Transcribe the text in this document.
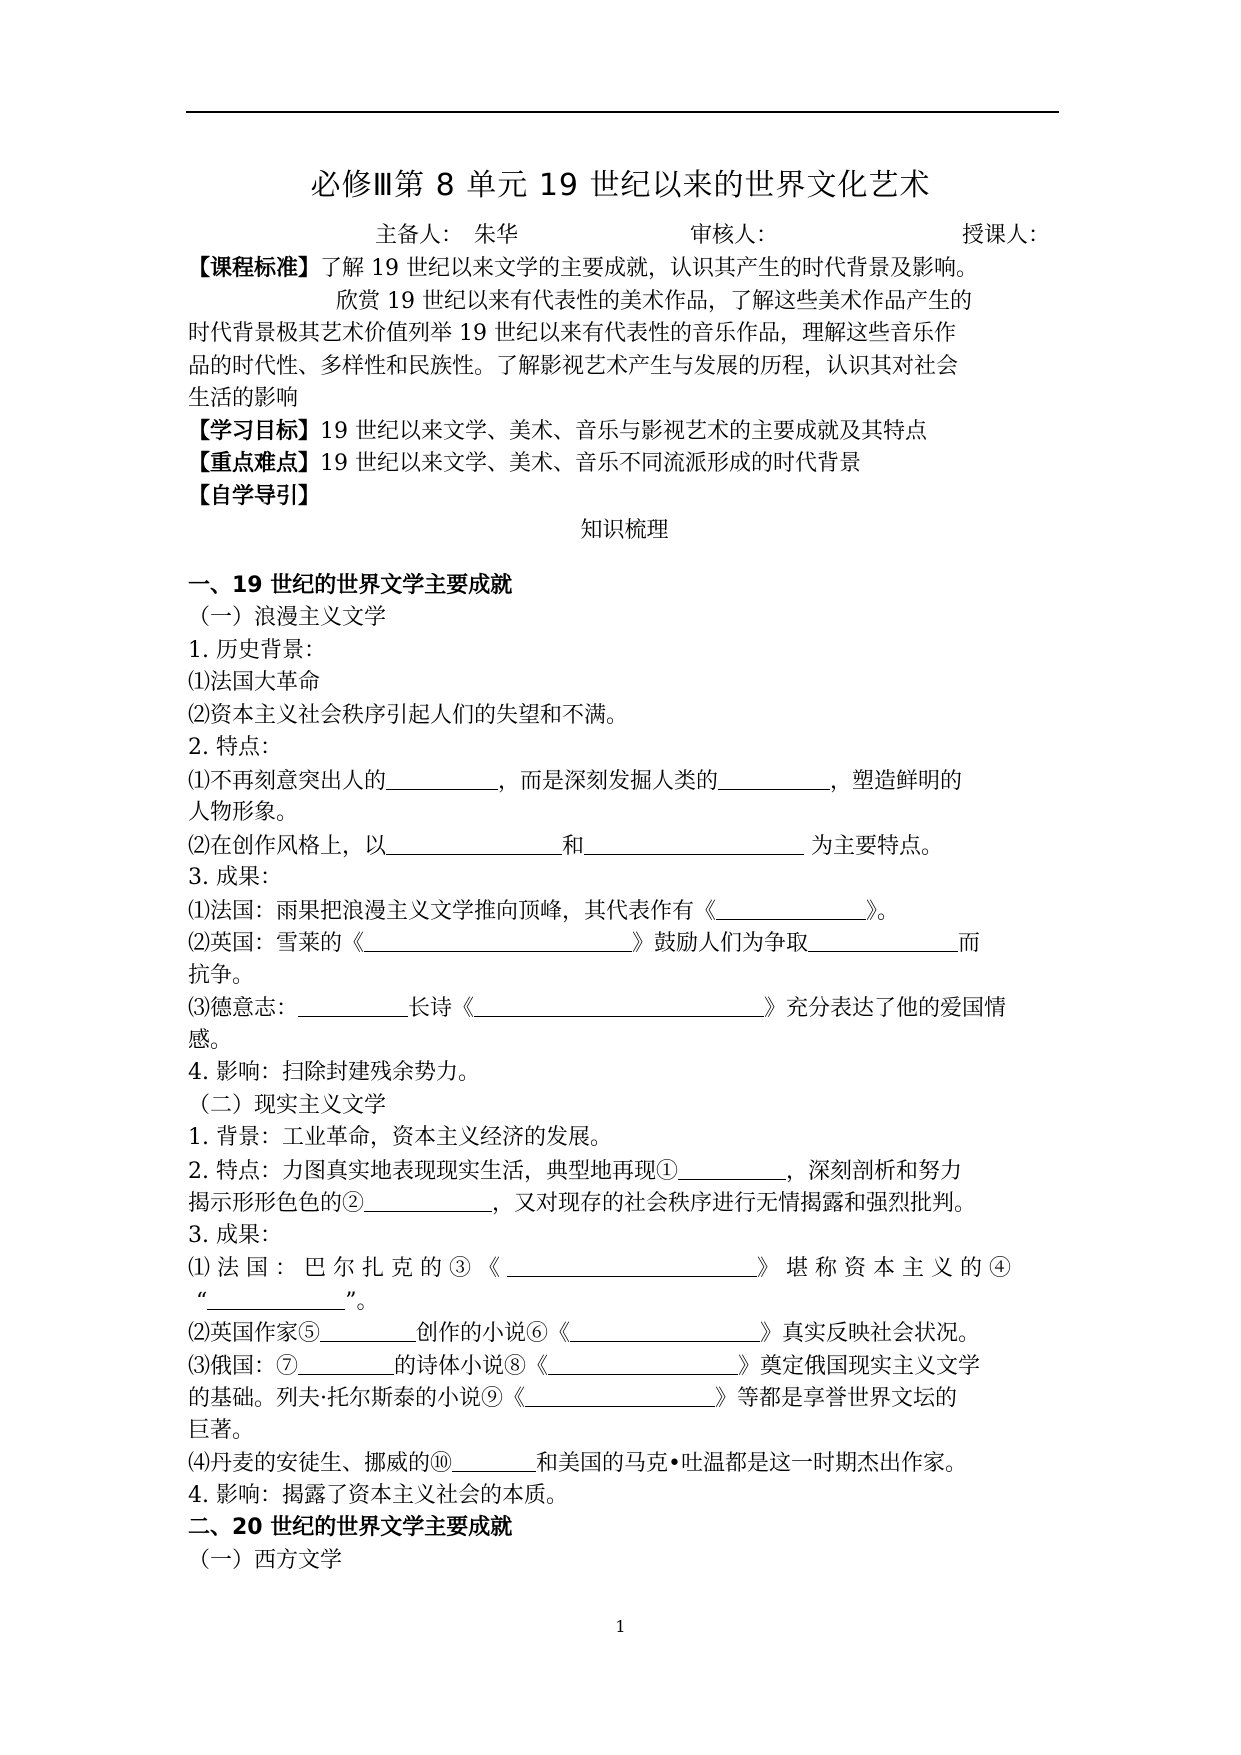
必修Ⅲ第 8 单元 19 世纪以来的世界文化艺术
主备人：　朱华	审核人：	授课人：
【课程标准】了解 19 世纪以来文学的主要成就，认识其产生的时代背景及影响。
欣赏 19 世纪以来有代表性的美术作品，了解这些美术作品产生的
时代背景极其艺术价值列举 19 世纪以来有代表性的音乐作品，理解这些音乐作
品的时代性、多样性和民族性。了解影视艺术产生与发展的历程，认识其对社会
生活的影响
【学习目标】19 世纪以来文学、美术、音乐与影视艺术的主要成就及其特点
【重点难点】19 世纪以来文学、美术、音乐不同流派形成的时代背景
【自学导引】
知识梳理
一、19 世纪的世界文学主要成就
（一）浪漫主义文学
1. 历史背景：
⑴法国大革命
⑵资本主义社会秩序引起人们的失望和不满。
2. 特点：
⑴不再刻意突出人的	，而是深刻发掘人类的	，塑造鲜明的
人物形象。
⑵在创作风格上，以	和	为主要特点。
3. 成果：
⑴法国：雨果把浪漫主义文学推向顶峰，其代表作有《	》。
⑵英国：雪莱的《	》鼓励人们为争取	而
抗争。
⑶德意志：	长诗《	》充分表达了他的爱国情
感。
4. 影响：扫除封建残余势力。
（二）现实主义文学
1. 背景：工业革命，资本主义经济的发展。
2. 特点：力图真实地表现现实生活，典型地再现①	，深刻剖析和努力
揭示形形色色的②	，又对现存的社会秩序进行无情揭露和强烈批判。
3. 成果：
⑴法国：巴尔扎克的③《	》堪称资本主义的④
“	”。
⑵英国作家⑤	创作的小说⑥《	》真实反映社会状况。
⑶俄国：⑦	的诗体小说⑧《	》奠定俄国现实主义文学
的基础。列夫·托尔斯泰的小说⑨《	》等都是享誉世界文坛的
巨著。
⑷丹麦的安徒生、挪威的⑩	和美国的马克•吐温都是这一时期杰出作家。
4. 影响：揭露了资本主义社会的本质。
二、20 世纪的世界文学主要成就
（一）西方文学
1
